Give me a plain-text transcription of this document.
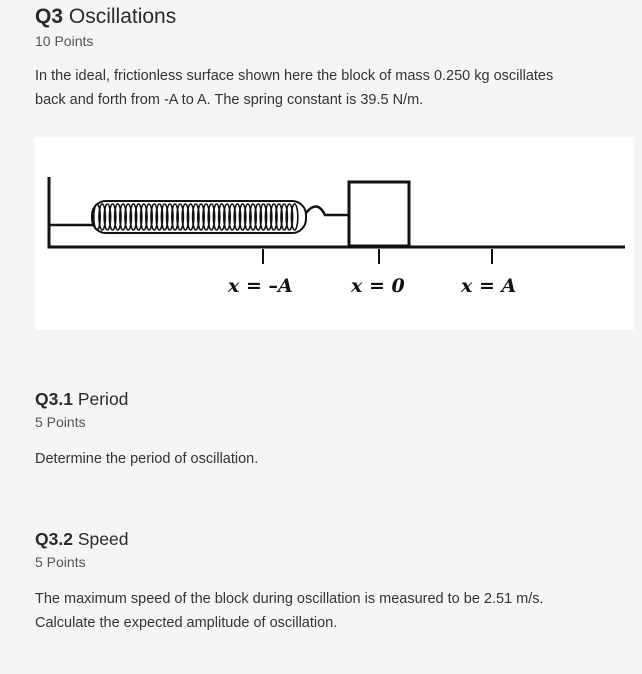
Q3 Oscillations

10 Points

In the ideal, frictionless surface shown here the block of mass 0.250 kg oscillates
back and forth from -A to A. The spring constant is 39.5 N/m.

x = –A	x = 0	x = A
Q3.1 Period

5 Points

Determine the period of oscillation.

Q3.2 Speed

5 Points

The maximum speed of the block during oscillation is measured to be 2.51 m/s.
Calculate the expected amplitude of oscillation.
